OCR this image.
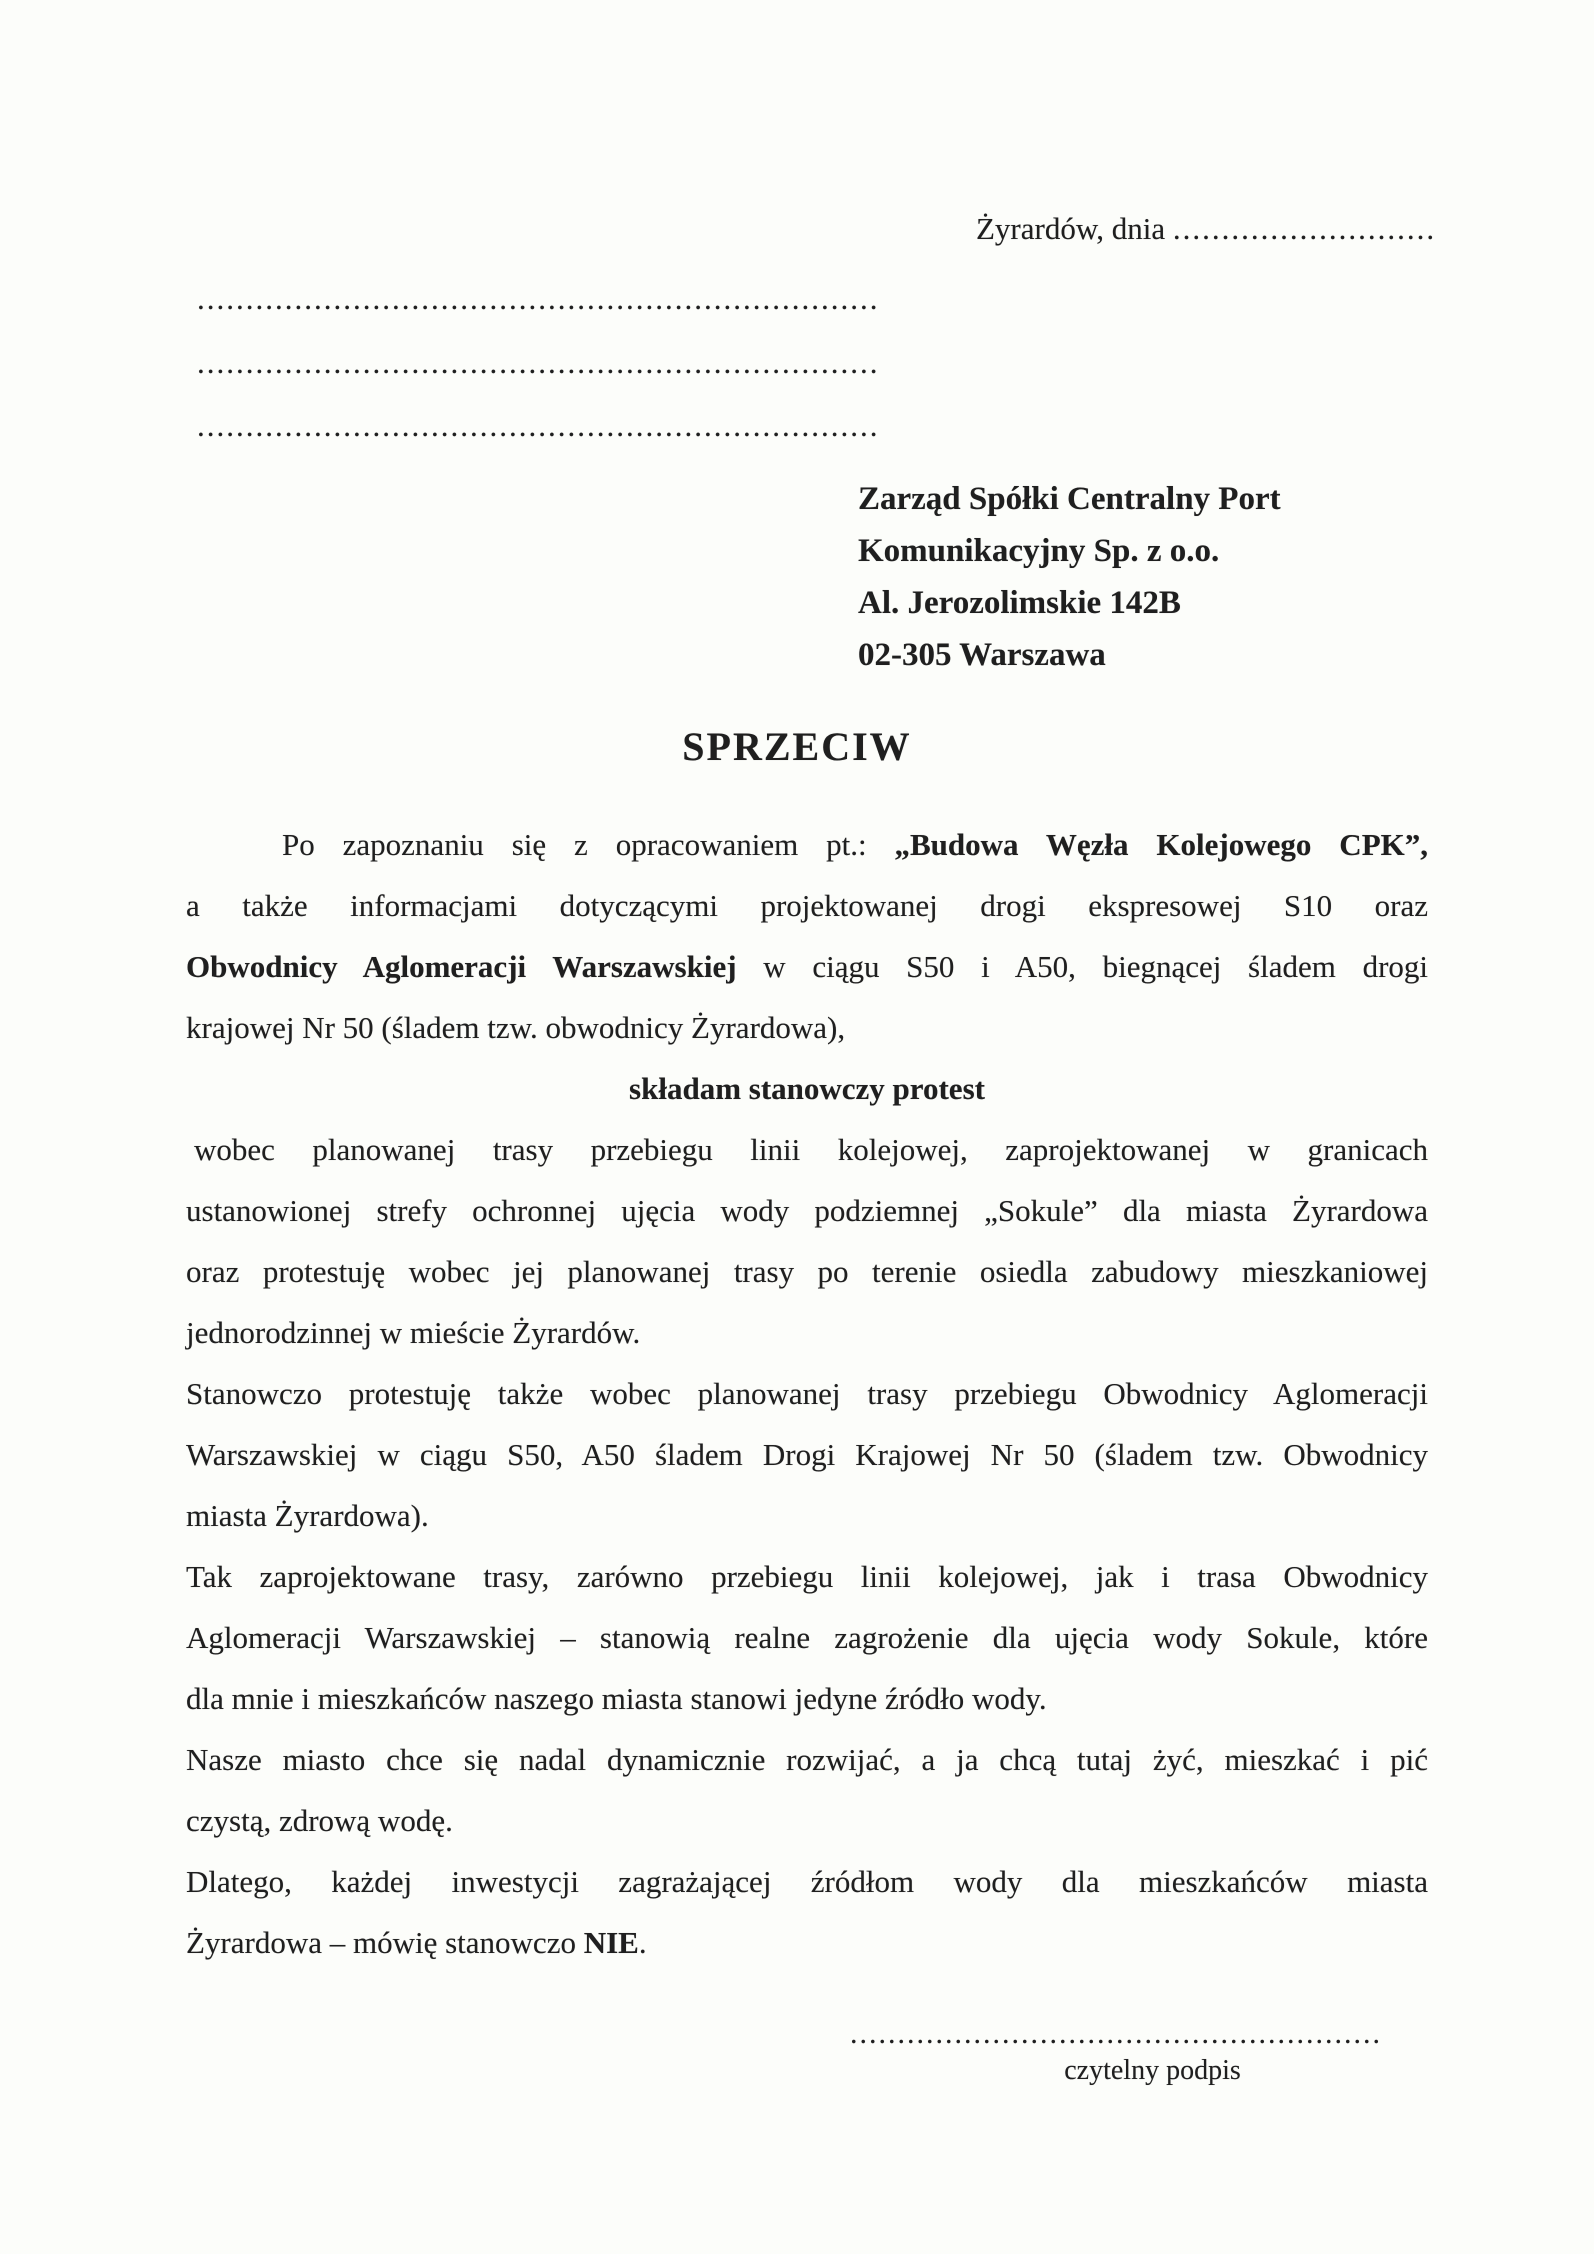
Żyrardów, dnia ...........................
......................................................................
......................................................................
......................................................................
Zarząd Spółki Centralny Port
Komunikacyjny Sp. z o.o.
Al. Jerozolimskie 142B
02-305 Warszawa
SPRZECIW
Po zapoznaniu się z opracowaniem pt.: „Budowa Węzła Kolejowego CPK”,
a także informacjami dotyczącymi projektowanej drogi ekspresowej S10 oraz
Obwodnicy Aglomeracji Warszawskiej w ciągu S50 i A50, biegnącej śladem drogi
krajowej Nr 50 (śladem tzw. obwodnicy Żyrardowa),
składam stanowczy protest
wobec planowanej trasy przebiegu linii kolejowej, zaprojektowanej w granicach
ustanowionej strefy ochronnej ujęcia wody podziemnej „Sokule” dla miasta Żyrardowa
oraz protestuję wobec jej planowanej trasy po terenie osiedla zabudowy mieszkaniowej
jednorodzinnej w mieście Żyrardów.
Stanowczo protestuję także wobec planowanej trasy przebiegu Obwodnicy Aglomeracji
Warszawskiej w ciągu S50, A50 śladem Drogi Krajowej Nr 50 (śladem tzw. Obwodnicy
miasta Żyrardowa).
Tak zaprojektowane trasy, zarówno przebiegu linii kolejowej, jak i trasa Obwodnicy
Aglomeracji Warszawskiej – stanowią realne zagrożenie dla ujęcia wody Sokule, które
dla mnie i mieszkańców naszego miasta stanowi jedyne źródło wody.
Nasze miasto chce się nadal dynamicznie rozwijać, a ja chcą tutaj żyć, mieszkać i pić
czystą, zdrową wodę.
Dlatego, każdej inwestycji zagrażającej źródłom wody dla mieszkańców miasta
Żyrardowa – mówię stanowczo NIE.
........................................................
czytelny podpis
